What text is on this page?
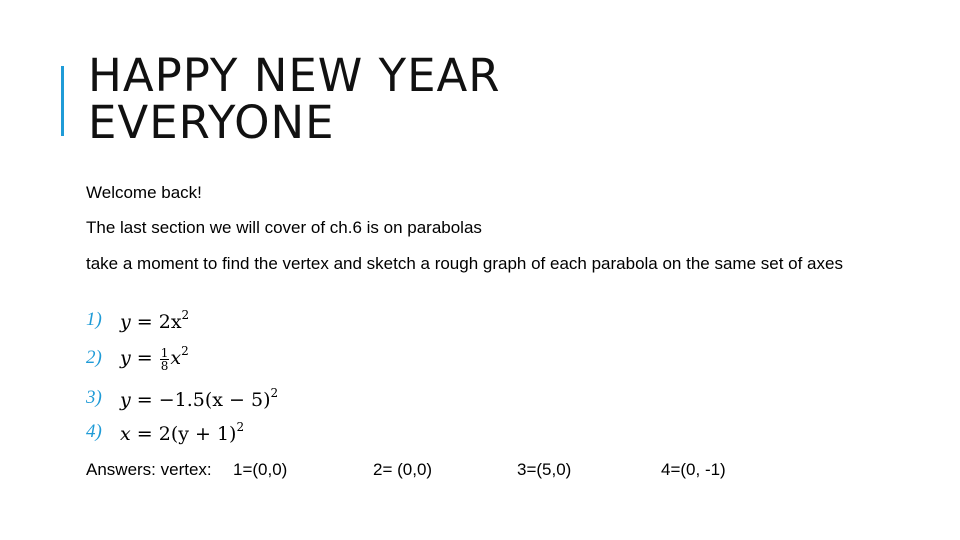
HAPPY NEW YEAR
EVERYONE

Welcome back!

The last section we will cover of ch.6 is on parabolas

take a moment to find the vertex and sketch a rough graph of each parabola on the same set of axes

1) $y = 2x^2$
2) $y = \frac{1}{8} x^2$
3) $y = -1.5(x - 5)^2$
4) $x = 2(y + 1)^2$
Answers: vertex: 1=(0,0)	2= (0,0)	3=(5,0)	4=(0, -1)
